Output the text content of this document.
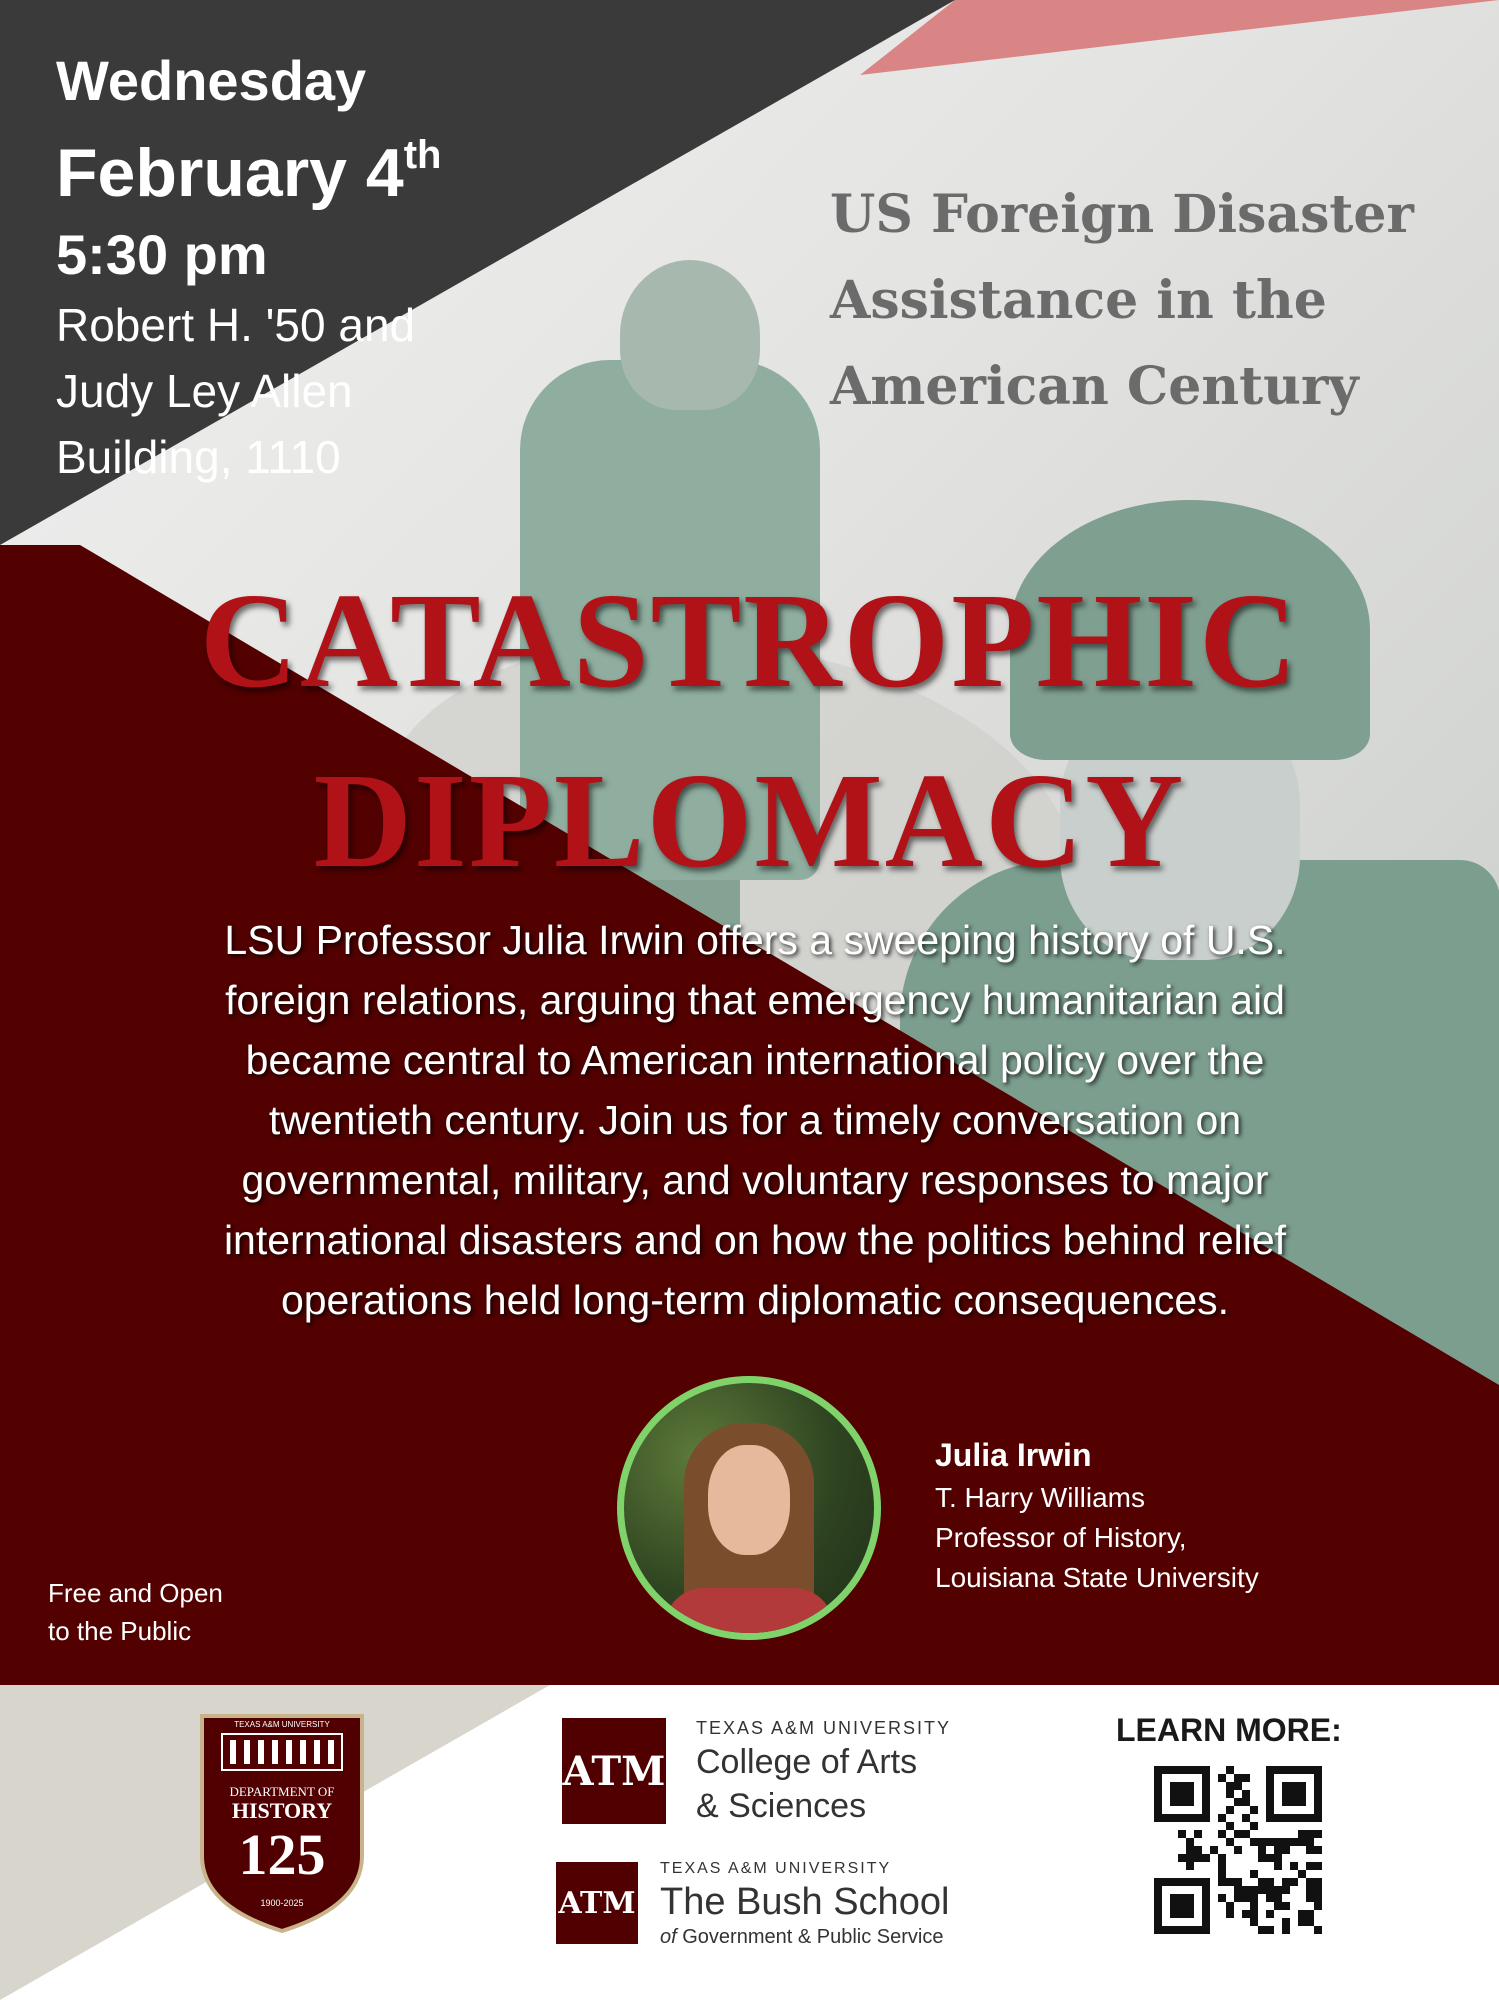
Wednesday
February 4th
5:30 pm
Robert H. '50 and
Judy Ley Allen
Building, 1110
US Foreign Disaster
Assistance in the
American Century
CATASTROPHIC
DIPLOMACY
LSU Professor Julia Irwin offers a sweeping history of U.S.
foreign relations, arguing that emergency humanitarian aid
became central to American international policy over the
twentieth century. Join us for a timely conversation on
governmental, military, and voluntary responses to major
international disasters and on how the politics behind relief
operations held long-term diplomatic consequences.
Julia Irwin
T. Harry Williams
Professor of History,
Louisiana State University
Free and Open
to the Public
TEXAS A&M UNIVERSITY
DEPARTMENT OF
HISTORY
125
1900-2025
ATM
TEXAS A&M UNIVERSITY
College of Arts
& Sciences
ATM
TEXAS A&M UNIVERSITY
The Bush School
of Government & Public Service
LEARN MORE:
